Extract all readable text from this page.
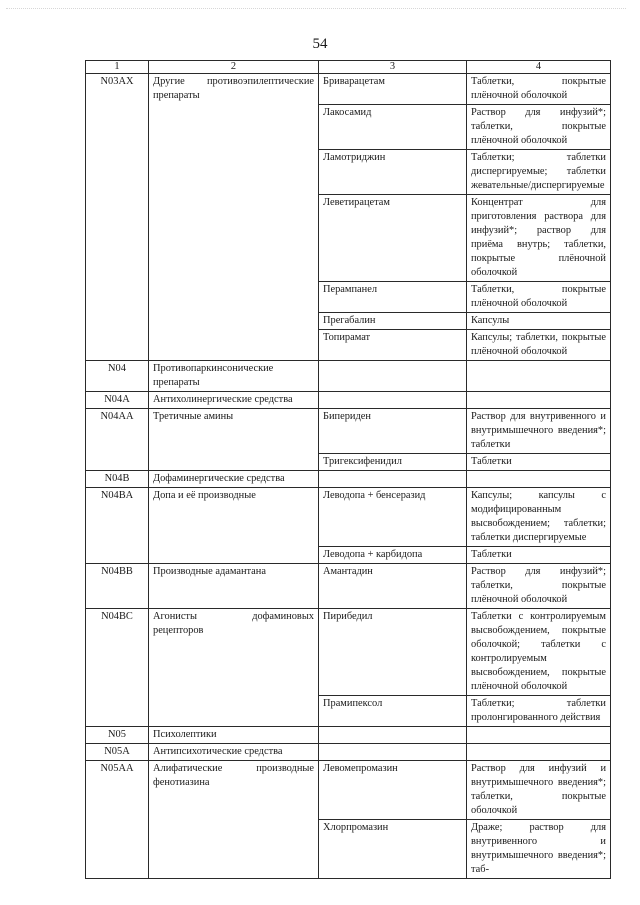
54
1	2	3	4
N03AX	Другие противоэпилептические препараты	Бриварацетам	Таблетки, покрытые плёночной оболочкой
		Лакосамид	Раствор для инфузий*; таблетки, покрытые плёночной оболочкой
		Ламотриджин	Таблетки; таблетки диспергируемые; таблетки жевательные/диспергируемые
		Леветирацетам	Концентрат для приготовления раствора для инфузий*; раствор для приёма внутрь; таблетки, покрытые плёночной оболочкой
		Перампанел	Таблетки, покрытые плёночной оболочкой
		Прегабалин	Капсулы
		Топирамат	Капсулы; таблетки, покрытые плёночной оболочкой
N04	Противопаркинсонические препараты		
N04A	Антихолинергические средства		
N04AA	Третичные амины	Бипериден	Раствор для внутривенного и внутримышечного введения*; таблетки
		Тригексифенидил	Таблетки
N04B	Дофаминергические средства		
N04BA	Допа и её производные	Леводопа + бенсеразид	Капсулы; капсулы с модифицированным высвобождением; таблетки; таблетки диспергируемые
		Леводопа + карбидопа	Таблетки
N04BB	Производные адамантана	Амантадин	Раствор для инфузий*; таблетки, покрытые плёночной оболочкой
N04BC	Агонисты дофаминовых рецепторов	Пирибедил	Таблетки с контролируемым высвобождением, покрытые оболочкой; таблетки с контролируемым высвобождением, покрытые плёночной оболочкой
		Прамипексол	Таблетки; таблетки пролонгированного действия
N05	Психолептики		
N05A	Антипсихотические средства		
N05AA	Алифатические производные фенотиазина	Левомепромазин	Раствор для инфузий и внутримышечного введения*; таблетки, покрытые оболочкой
		Хлорпромазин	Драже; раствор для внутривенного и внутримышечного введения*; таб-
